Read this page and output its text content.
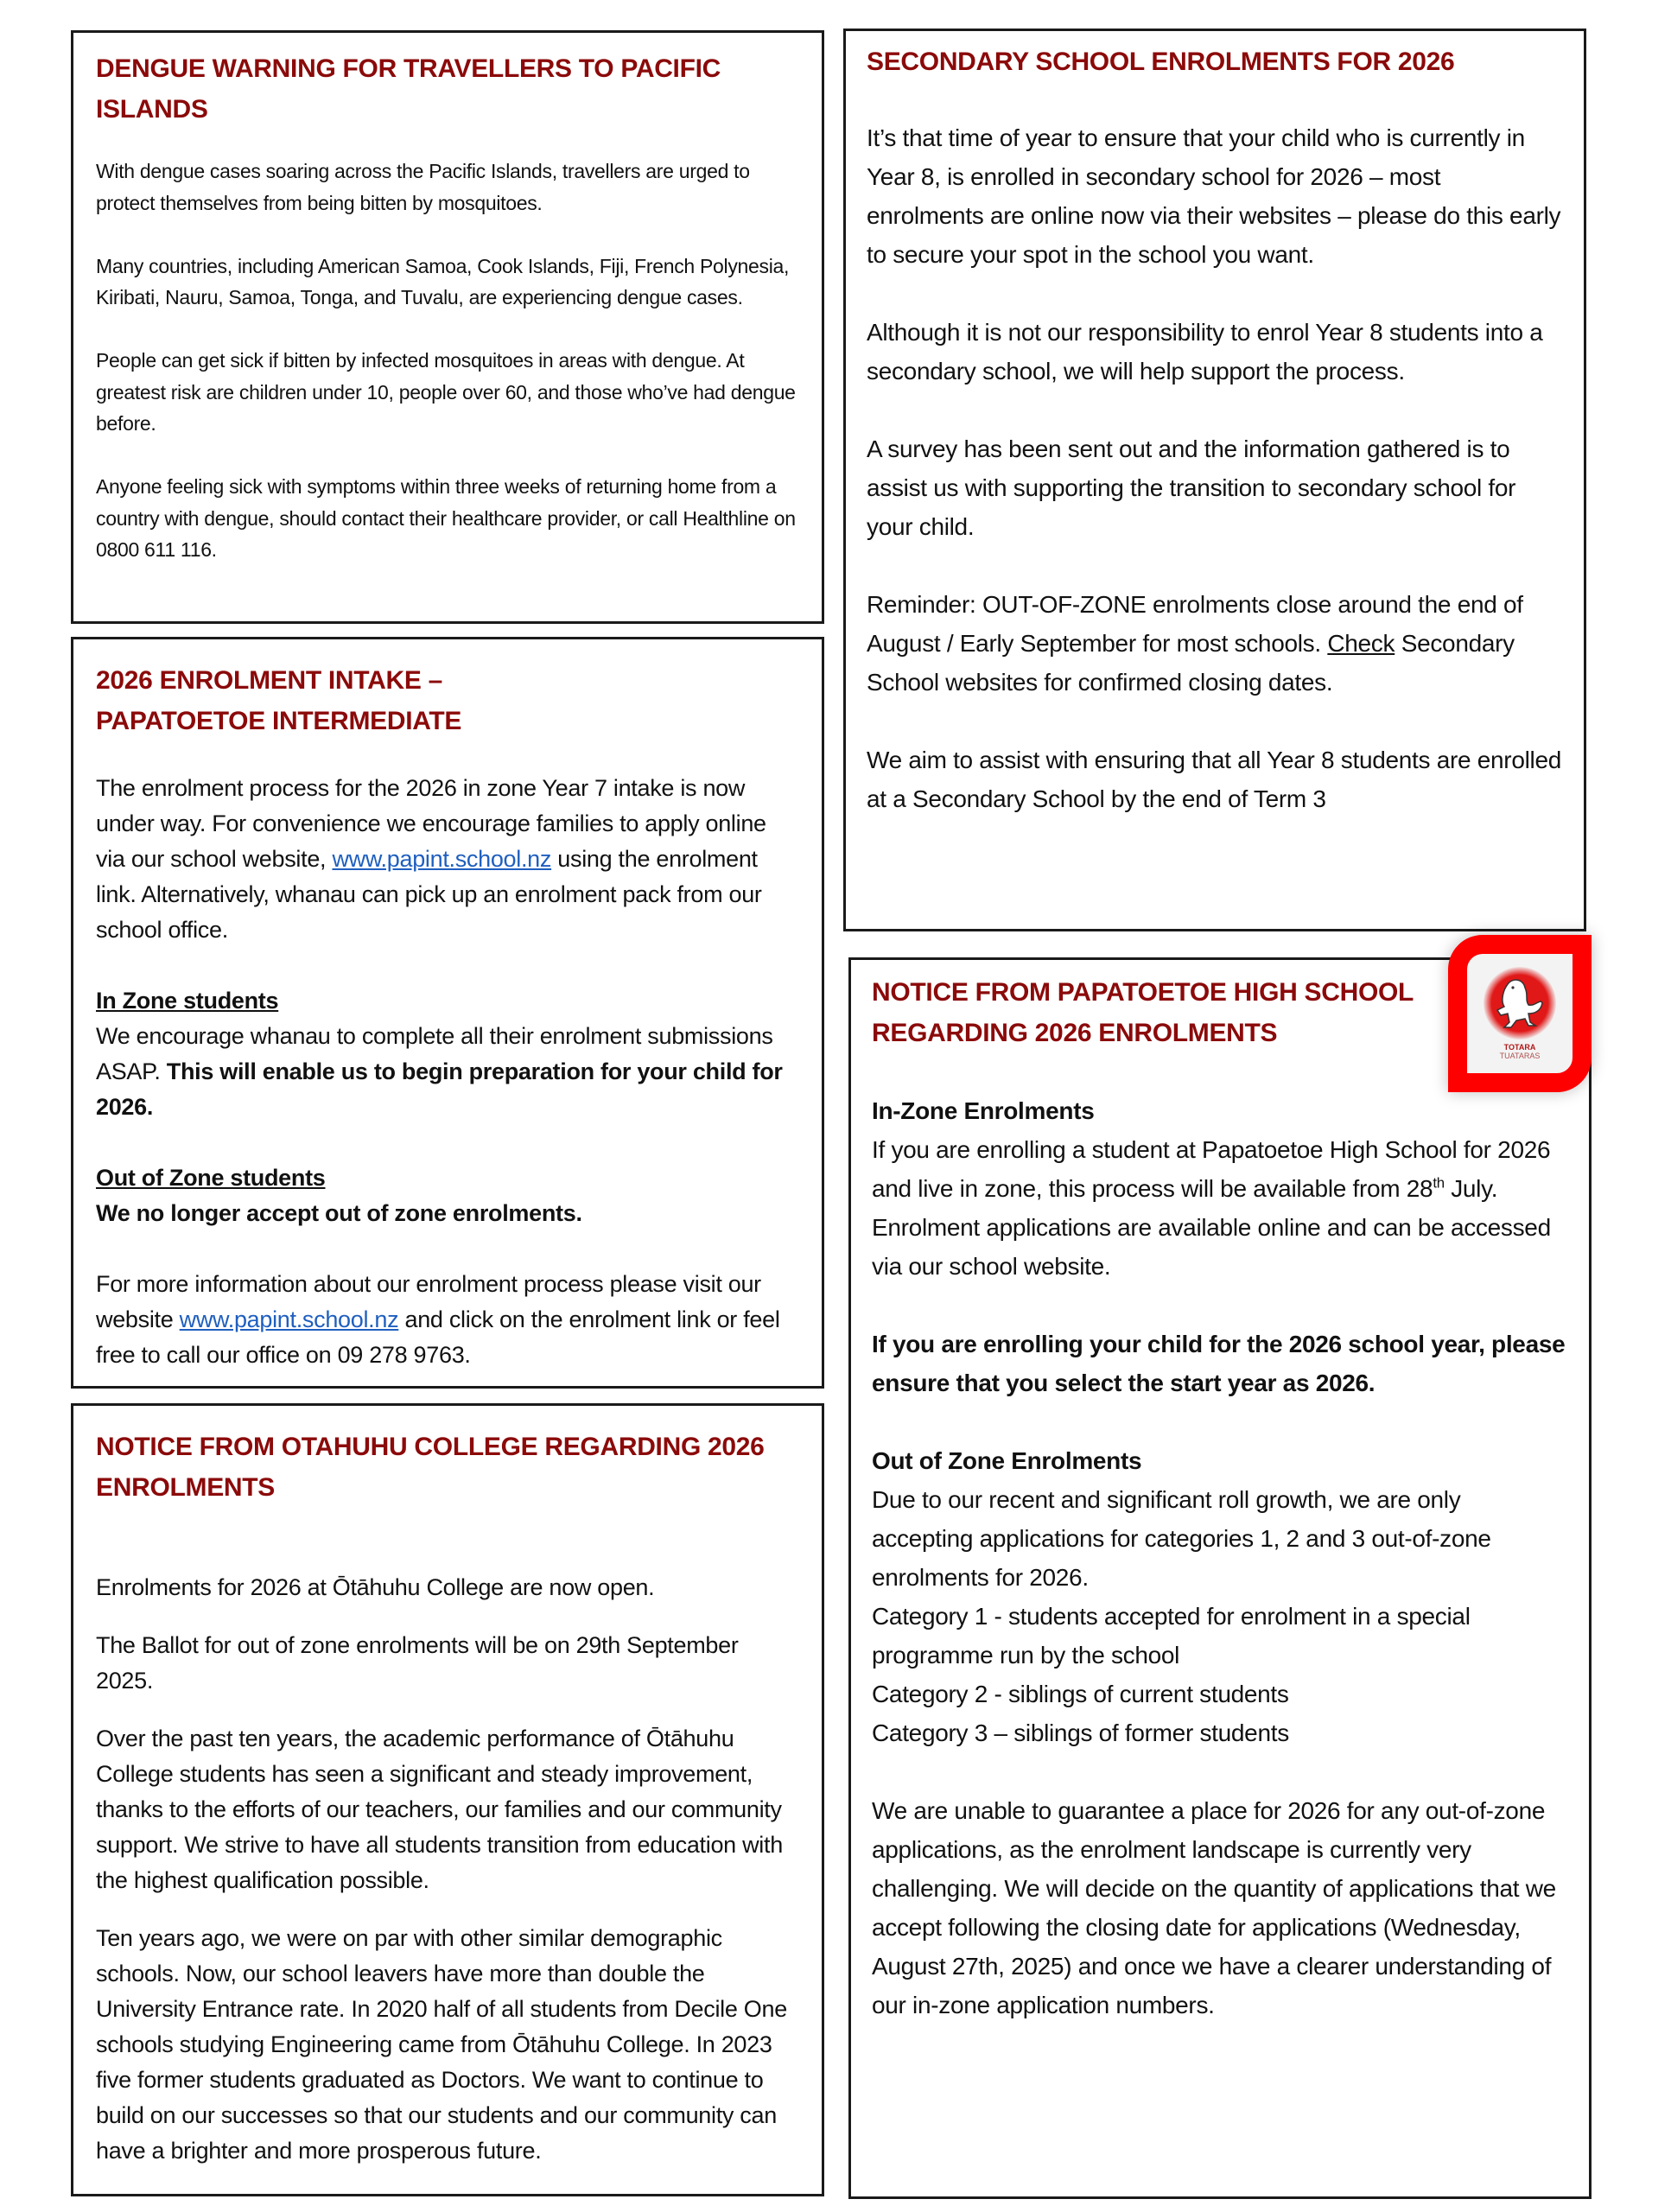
DENGUE WARNING FOR TRAVELLERS TO PACIFIC ISLANDS

With dengue cases soaring across the Pacific Islands, travellers are urged to protect themselves from being bitten by mosquitoes.

Many countries, including American Samoa, Cook Islands, Fiji, French Polynesia, Kiribati, Nauru, Samoa, Tonga, and Tuvalu, are experiencing dengue cases.

People can get sick if bitten by infected mosquitoes in areas with dengue. At greatest risk are children under 10, people over 60, and those who’ve had dengue before.

Anyone feeling sick with symptoms within three weeks of returning home from a country with dengue, should contact their healthcare provider, or call Healthline on 0800 611 116.

2026 ENROLMENT INTAKE –
PAPATOETOE INTERMEDIATE

The enrolment process for the 2026 in zone Year 7 intake is now under way. For convenience we encourage families to apply online via our school website, www.papint.school.nz using the enrolment link. Alternatively, whanau can pick up an enrolment pack from our school office.

In Zone students

We encourage whanau to complete all their enrolment submissions ASAP. This will enable us to begin preparation for your child for 2026.

Out of Zone students

We no longer accept out of zone enrolments.

For more information about our enrolment process please visit our website www.papint.school.nz and click on the enrolment link or feel free to call our office on 09 278 9763.

NOTICE FROM OTAHUHU COLLEGE REGARDING 2026 ENROLMENTS

Enrolments for 2026 at Ōtāhuhu College are now open.

The Ballot for out of zone enrolments will be on 29th September 2025.

Over the past ten years, the academic performance of Ōtāhuhu College students has seen a significant and steady improvement, thanks to the efforts of our teachers, our families and our community support. We strive to have all students transition from education with the highest qualification possible.

Ten years ago, we were on par with other similar demographic schools. Now, our school leavers have more than double the University Entrance rate. In 2020 half of all students from Decile One schools studying Engineering came from Ōtāhuhu College. In 2023 five former students graduated as Doctors. We want to continue to build on our successes so that our students and our community can have a brighter and more prosperous future.

SECONDARY SCHOOL ENROLMENTS FOR 2026

It’s that time of year to ensure that your child who is currently in Year 8, is enrolled in secondary school for 2026 – most enrolments are online now via their websites – please do this early to secure your spot in the school you want.

Although it is not our responsibility to enrol Year 8 students into a secondary school, we will help support the process.

A survey has been sent out and the information gathered is to assist us with supporting the transition to secondary school for your child.

Reminder: OUT-OF-ZONE enrolments close around the end of August / Early September for most schools. Check Secondary School websites for confirmed closing dates.

We aim to assist with ensuring that all Year 8 students are enrolled at a Secondary School by the end of Term 3

TOTARA
TUATARAS
NOTICE FROM PAPATOETOE HIGH SCHOOL
REGARDING 2026 ENROLMENTS

In-Zone Enrolments

If you are enrolling a student at Papatoetoe High School for 2026 and live in zone, this process will be available from 28th July. Enrolment applications are available online and can be accessed via our school website.

If you are enrolling your child for the 2026 school year, please ensure that you select the start year as 2026.

Out of Zone Enrolments

Due to our recent and significant roll growth, we are only accepting applications for categories 1, 2 and 3 out-of-zone enrolments for 2026.

Category 1 - students accepted for enrolment in a special programme run by the school

Category 2 - siblings of current students

Category 3 – siblings of former students

We are unable to guarantee a place for 2026 for any out-of-zone applications, as the enrolment landscape is currently very challenging. We will decide on the quantity of applications that we accept following the closing date for applications (Wednesday, August 27th, 2025) and once we have a clearer understanding of our in-zone application numbers.
